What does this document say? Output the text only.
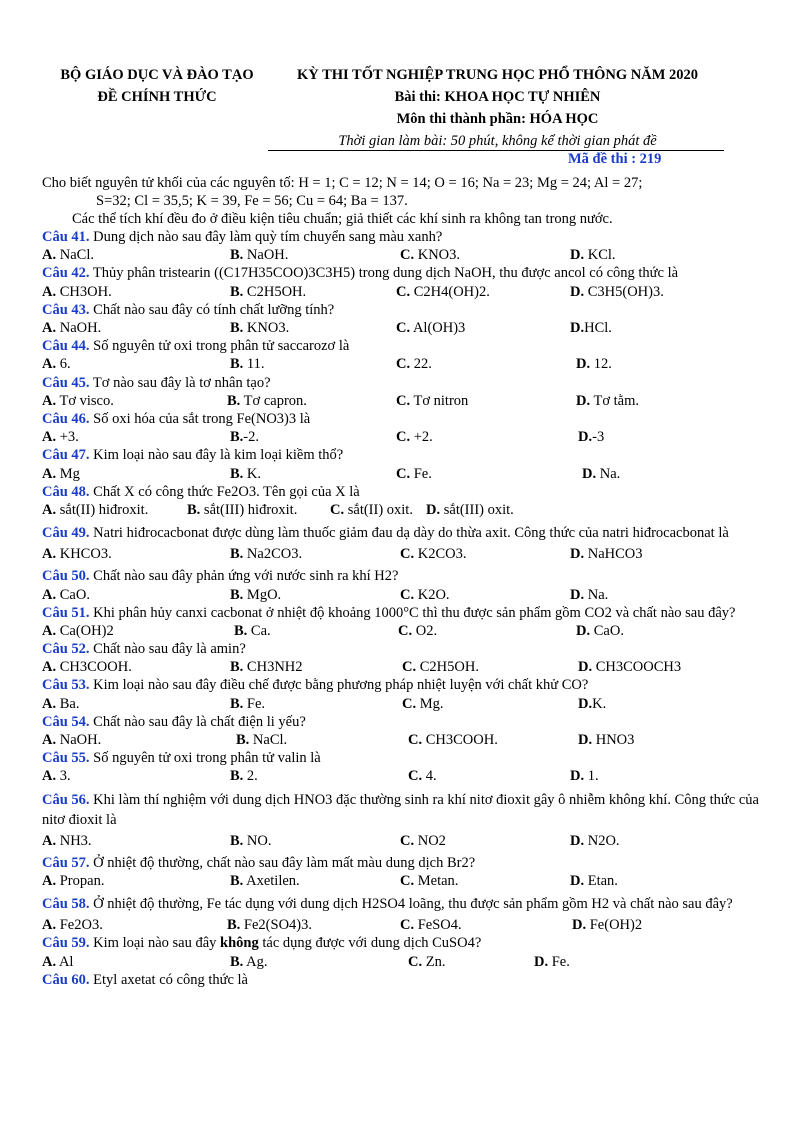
BỘ GIÁO DỤC VÀ ĐÀO TẠO
ĐỀ CHÍNH THỨC
KỲ THI TỐT NGHIỆP TRUNG HỌC PHỔ THÔNG NĂM 2020
Bài thi: KHOA HỌC TỰ NHIÊN
Môn thi thành phần: HÓA HỌC
Thời gian làm bài: 50 phút, không kể thời gian phát đề
Mã đề thi : 219

Cho biết nguyên tử khối của các nguyên tố: H = 1; C = 12; N = 14; O = 16; Na = 23; Mg = 24; Al = 27;

S=32; Cl = 35,5; K = 39, Fe = 56; Cu = 64; Ba = 137.

Các thể tích khí đều đo ở điều kiện tiêu chuẩn; giả thiết các khí sinh ra không tan trong nước.

Câu 41. Dung dịch nào sau đây làm quỳ tím chuyển sang màu xanh?

A. NaCl.	B. NaOH.	C. KNO3.	D. KCl.

Câu 42. Thủy phân tristearin ((C17H35COO)3C3H5) trong dung dịch NaOH, thu được ancol có công thức là

A. CH3OH.	B. C2H5OH.	C. C2H4(OH)2.	D. C3H5(OH)3.

Câu 43. Chất nào sau đây có tính chất lưỡng tính?

A. NaOH.	B. KNO3.	C. Al(OH)3	D.HCl.

Câu 44. Số nguyên tử oxi trong phân tử saccarozơ là

A. 6.	B. 11.	C. 22.	D. 12.

Câu 45. Tơ nào sau đây là tơ nhân tạo?

A. Tơ visco.	B. Tơ capron.	C. Tơ nitron	D. Tơ tằm.

Câu 46. Số oxi hóa của sắt trong Fe(NO3)3 là

A. +3.	B.-2.	C. +2.	D.-3

Câu 47. Kim loại nào sau đây là kim loại kiềm thổ?

A. Mg	B. K.	C. Fe.	D. Na.

Câu 48. Chất X có công thức Fe2O3. Tên gọi của X là

A. sắt(II) hiđroxit.	B. sắt(III) hiđroxit. C. sắt(II) oxit. D. sắt(III) oxit.

Câu 49. Natri hiđrocacbonat được dùng làm thuốc giảm đau dạ dày do thừa axit. Công thức của natri hiđrocacbonat là

A. KHCO3.	B. Na2CO3.	C. K2CO3.	D. NaHCO3

Câu 50. Chất nào sau đây phản ứng với nước sinh ra khí H2?

A. CaO.	B. MgO.	C. K2O.	D. Na.

Câu 51. Khi phân hủy canxi cacbonat ở nhiệt độ khoảng 1000°C thì thu được sản phẩm gồm CO2 và chất nào sau đây?

A. Ca(OH)2	B. Ca.	C. O2.	D. CaO.

Câu 52. Chất nào sau đây là amin?

A. CH3COOH.	B. CH3NH2	C. C2H5OH.	D. CH3COOCH3

Câu 53. Kim loại nào sau đây điều chế được bằng phương pháp nhiệt luyện với chất khử CO?

A. Ba.	B. Fe.	C. Mg.	D.K.

Câu 54. Chất nào sau đây là chất điện li yếu?

A. NaOH.	B. NaCl.	C. CH3COOH.	D. HNO3

Câu 55. Số nguyên tử oxi trong phân tử valin là

A. 3.	B. 2.	C. 4.	D. 1.

Câu 56. Khi làm thí nghiệm với dung dịch HNO3 đặc thường sinh ra khí nitơ đioxit gây ô nhiễm không khí. Công thức của nitơ đioxit là

A. NH3.	B. NO.	C. NO2	D. N2O.

Câu 57. Ở nhiệt độ thường, chất nào sau đây làm mất màu dung dịch Br2?

A. Propan.	B. Axetilen.	C. Metan.	D. Etan.

Câu 58. Ở nhiệt độ thường, Fe tác dụng với dung dịch H2SO4 loãng, thu được sản phẩm gồm H2 và chất nào sau đây?

A. Fe2O3.	B. Fe2(SO4)3.	C. FeSO4.	D. Fe(OH)2

Câu 59. Kim loại nào sau đây không tác dụng được với dung dịch CuSO4?

A. Al	B. Ag.	C. Zn.	D. Fe.

Câu 60. Etyl axetat có công thức là
